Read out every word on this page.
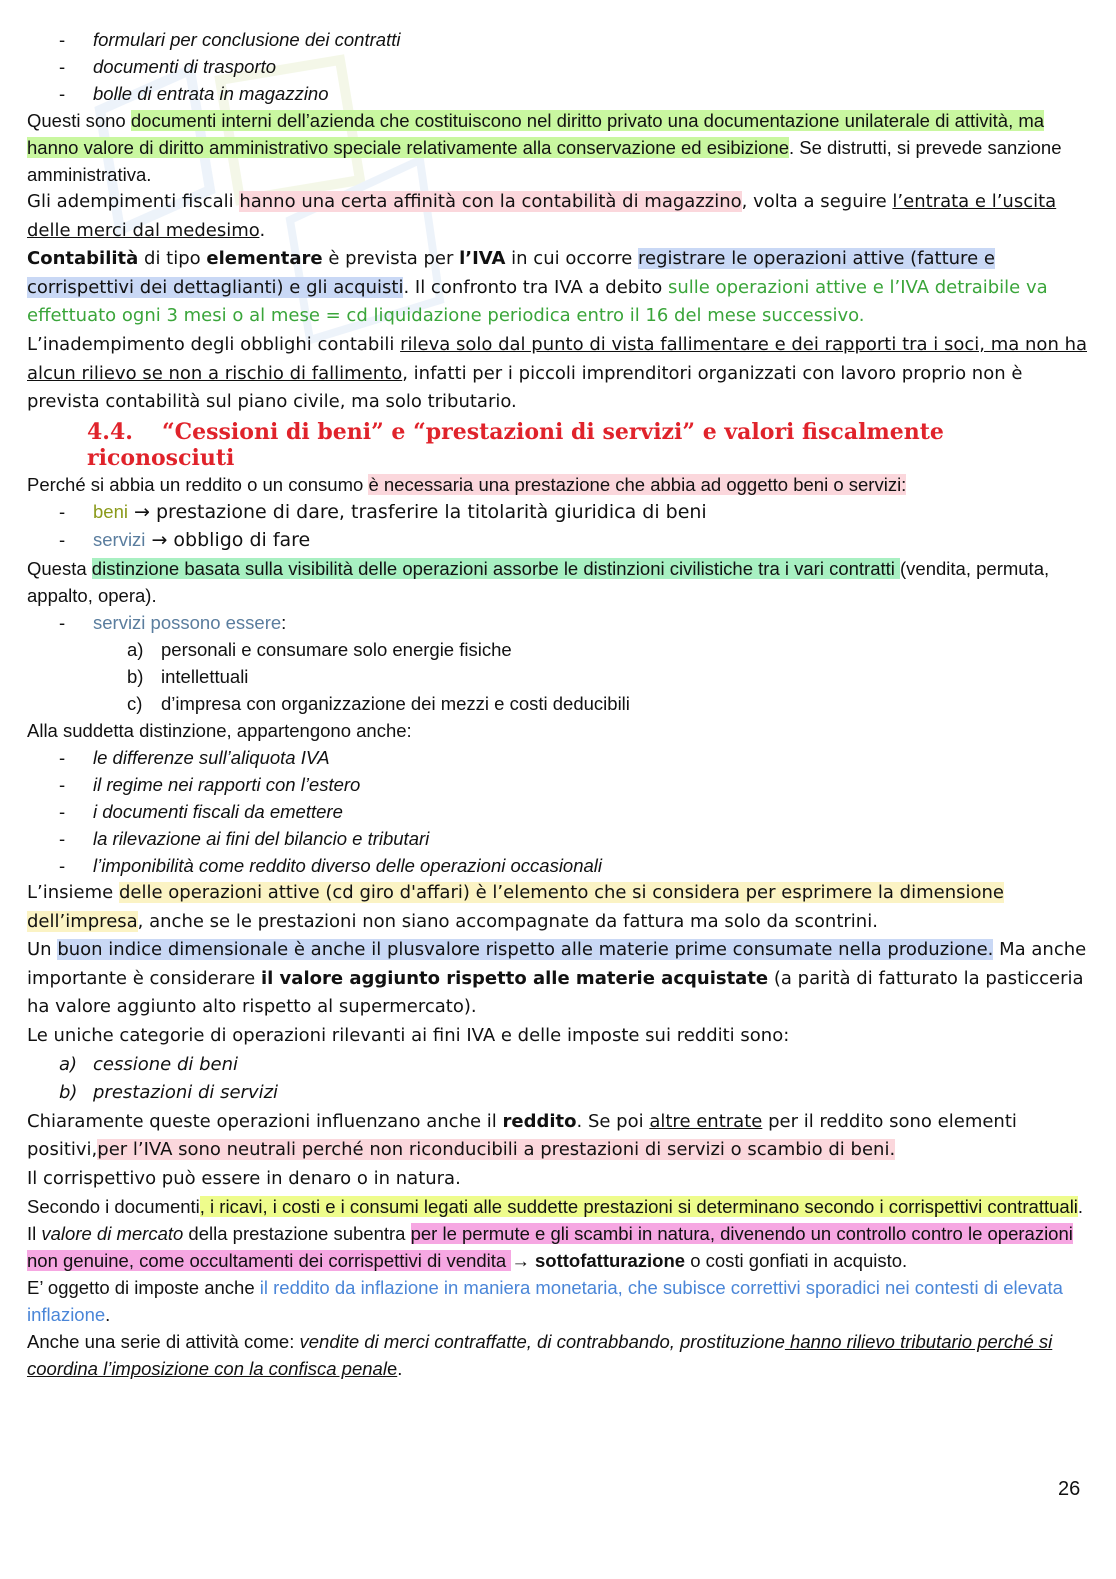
-	formulari per conclusione dei contratti
-	documenti di trasporto
-	bolle di entrata in magazzino

Questi sono documenti interni dell’azienda che costituiscono nel diritto privato una documentazione unilaterale di attività, ma hanno valore di diritto amministrativo speciale relativamente alla conservazione ed esibizione. Se distrutti, si prevede sanzione amministrativa.

Gli adempimenti fiscali hanno una certa affinità con la contabilità di magazzino, volta a seguire l’entrata e l’uscita delle merci dal medesimo.

Contabilità di tipo elementare è prevista per l’IVA in cui occorre registrare le operazioni attive (fatture e corrispettivi dei dettaglianti) e gli acquisti. Il confronto tra IVA a debito sulle operazioni attive e l’IVA detraibile va effettuato ogni 3 mesi o al mese = cd liquidazione periodica entro il 16 del mese successivo.

L’inadempimento degli obblighi contabili rileva solo dal punto di vista fallimentare e dei rapporti tra i soci, ma non ha alcun rilievo se non a rischio di fallimento, infatti per i piccoli imprenditori organizzati con lavoro proprio non è prevista contabilità sul piano civile, ma solo tributario.

4.4. “Cessioni di beni” e “prestazioni di servizi” e valori fiscalmente riconosciuti

Perché si abbia un reddito o un consumo è necessaria una prestazione che abbia ad oggetto beni o servizi:

-	beni → prestazione di dare, trasferire la titolarità giuridica di beni
-	servizi → obbligo di fare

Questa distinzione basata sulla visibilità delle operazioni assorbe le distinzioni civilistiche tra i vari contratti (vendita, permuta, appalto, opera).

-	servizi possono essere:
a) personali e consumare solo energie fisiche
b) intellettuali
c)	d’impresa con organizzazione dei mezzi e costi deducibili

Alla suddetta distinzione, appartengono anche:

-	le differenze sull’aliquota IVA
-	il regime nei rapporti con l’estero
-	i documenti fiscali da emettere
-	la rilevazione ai fini del bilancio e tributari
-	l’imponibilità come reddito diverso delle operazioni occasionali

L’insieme delle operazioni attive (cd giro d'affari) è l’elemento che si considera per esprimere la dimensione dell’impresa, anche se le prestazioni non siano accompagnate da fattura ma solo da scontrini.

Un buon indice dimensionale è anche il plusvalore rispetto alle materie prime consumate nella produzione. Ma anche importante è considerare il valore aggiunto rispetto alle materie acquistate (a parità di fatturato la pasticceria ha valore aggiunto alto rispetto al supermercato).

Le uniche categorie di operazioni rilevanti ai fini IVA e delle imposte sui redditi sono:

a) cessione di beni
b) prestazioni di servizi

Chiaramente queste operazioni influenzano anche il reddito. Se poi altre entrate per il reddito sono elementi positivi,per l’IVA sono neutrali perché non riconducibili a prestazioni di servizi o scambio di beni.

Il corrispettivo può essere in denaro o in natura.

Secondo i documenti, i ricavi, i costi e i consumi legati alle suddette prestazioni si determinano secondo i corrispettivi contrattuali. Il valore di mercato della prestazione subentra per le permute e gli scambi in natura, divenendo un controllo contro le operazioni non genuine, come occultamenti dei corrispettivi di vendita → sottofatturazione o costi gonfiati in acquisto.

E’ oggetto di imposte anche il reddito da inflazione in maniera monetaria, che subisce correttivi sporadici nei contesti di elevata inflazione.

Anche una serie di attività come: vendite di merci contraffatte, di contrabbando, prostituzione hanno rilievo tributario perché si coordina l’imposizione con la confisca penale.

26
